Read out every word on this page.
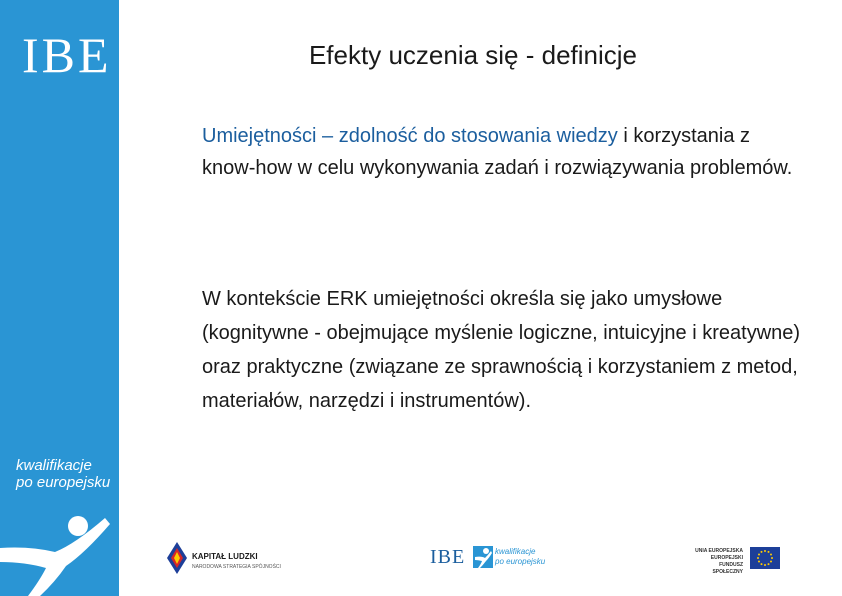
IBE
kwalifikacje
po europejsku
Efekty uczenia się - definicje
Umiejętności – zdolność do stosowania wiedzy i korzystania z know-how w celu wykonywania zadań i rozwiązywania problemów.
W kontekście ERK umiejętności określa się jako umysłowe (kognitywne - obejmujące myślenie logiczne, intuicyjne i kreatywne) oraz praktyczne (związane ze sprawnością i korzystaniem z metod, materiałów, narzędzi i instrumentów).
KAPITAŁ LUDZKI
NARODOWA STRATEGIA SPÓJNOŚCI	IBE	kwalifikacje
po europejsku
UNIA EUROPEJSKA
EUROPEJSKI
FUNDUSZ SPOŁECZNY
